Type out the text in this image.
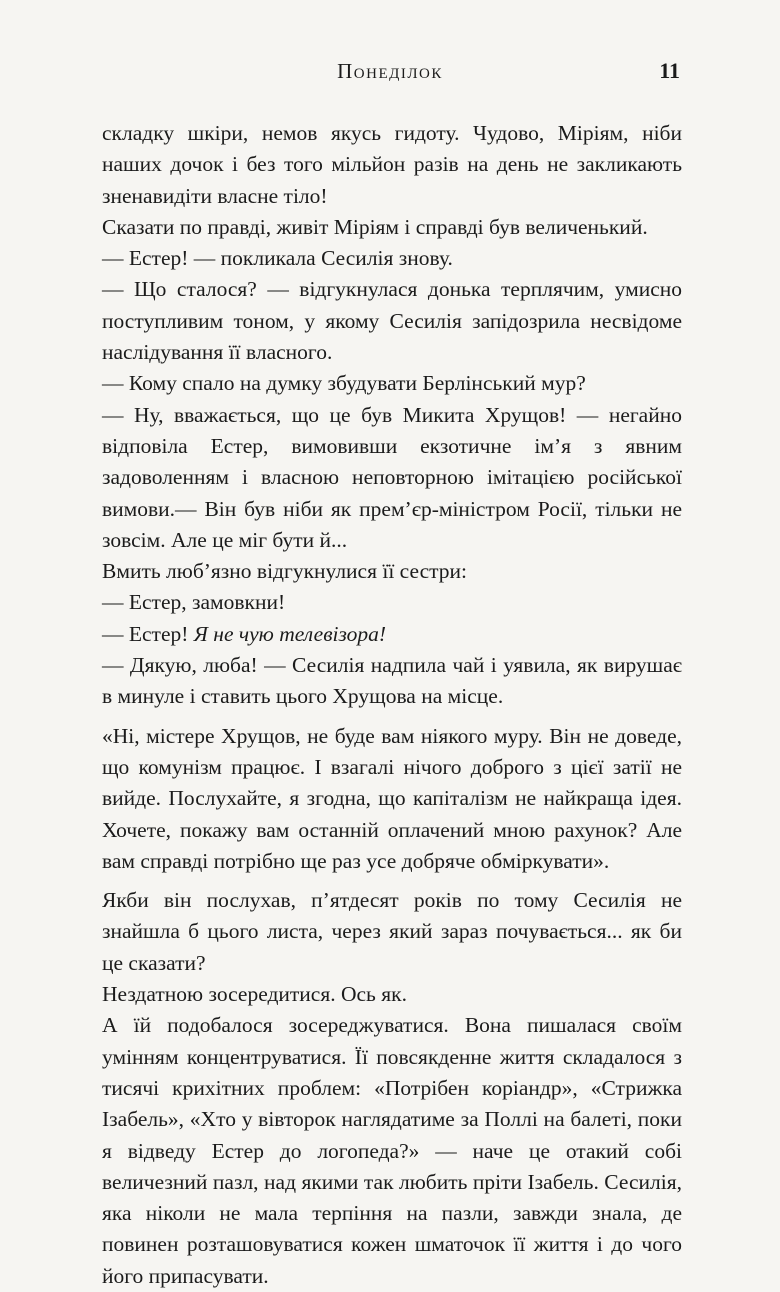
Понеділок	11

складку шкіри, немов якусь гидоту. Чудово, Міріям, ніби наших дочок і без того мільйон разів на день не закликають зненавидіти власне тіло!

Сказати по правді, живіт Міріям і справді був величенький.

— Естер! — покликала Сесилія знову.

— Що сталося? — відгукнулася донька терплячим, умисно поступливим тоном, у якому Сесилія запідозрила несвідоме наслідування її власного.

— Кому спало на думку збудувати Берлінський мур?

— Ну, вважається, що це був Микита Хрущов! — негайно відповіла Естер, вимовивши екзотичне ім’я з явним задоволенням і власною неповторною імітацією російської вимови.— Він був ніби як прем’єр-міністром Росії, тільки не зовсім. Але це міг бути й...

Вмить люб’язно відгукнулися її сестри:

— Естер, замовкни!

— Естер! Я не чую телевізора!

— Дякую, люба! — Сесилія надпила чай і уявила, як вирушає в минуле і ставить цього Хрущова на місце.

«Ні, містере Хрущов, не буде вам ніякого муру. Він не доведе, що комунізм працює. І взагалі нічого доброго з цієї затії не вийде. Послухайте, я згодна, що капіталізм не найкраща ідея. Хочете, покажу вам останній оплачений мною рахунок? Але вам справді потрібно ще раз усе добряче обміркувати».

Якби він послухав, п’ятдесят років по тому Сесилія не знайшла б цього листа, через який зараз почувається... як би це сказати?

Нездатною зосередитися. Ось як.

А їй подобалося зосереджуватися. Вона пишалася своїм умінням концентруватися. Її повсякденне життя складалося з тисячі крихітних проблем: «Потрібен коріандр», «Стрижка Ізабель», «Хто у вівторок наглядатиме за Поллі на балеті, поки я відведу Естер до логопеда?» — наче це отакий собі величезний пазл, над якими так любить пріти Ізабель. Сесилія, яка ніколи не мала терпіння на пазли, завжди знала, де повинен розташовуватися кожен шматочок її життя і до чого його припасувати.
